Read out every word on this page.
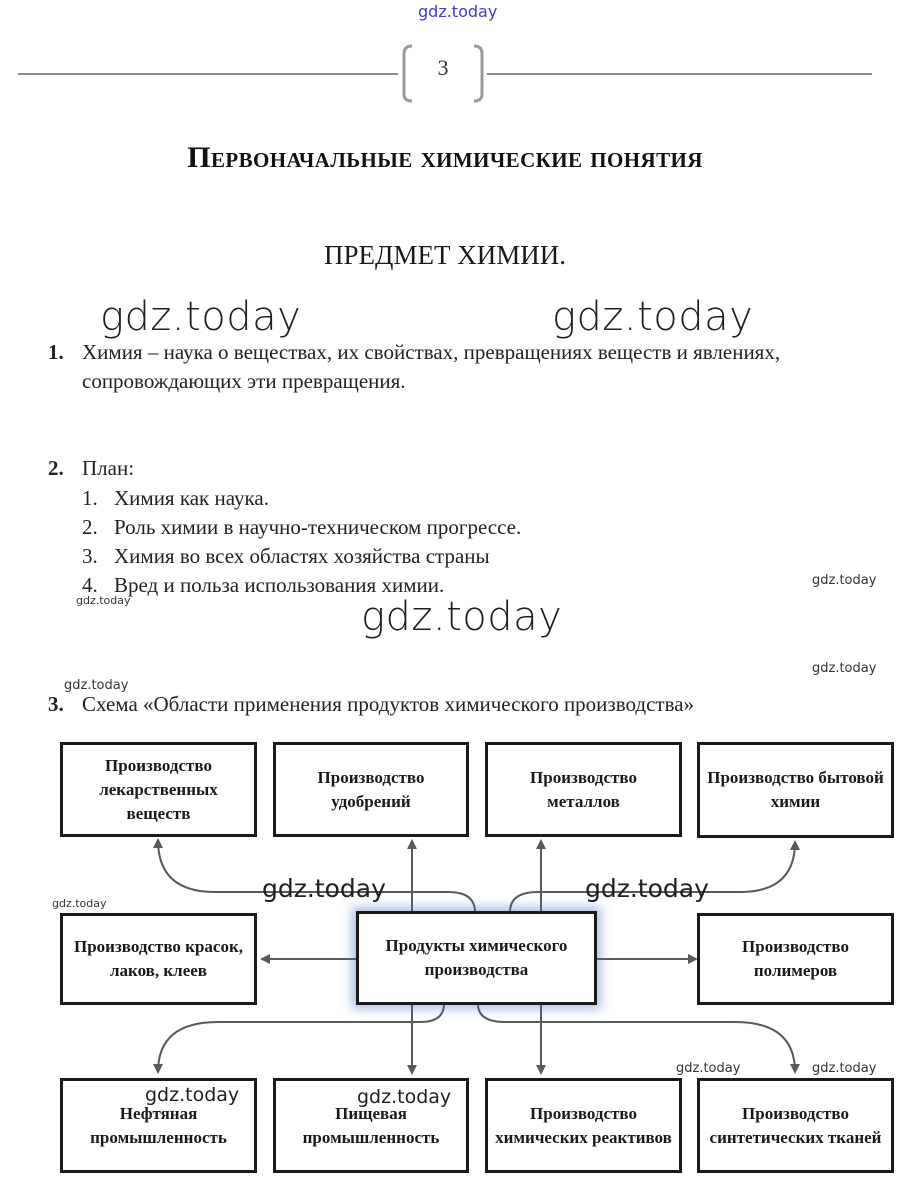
gdz.today
gdz.today	gdz.today
gdz.today
gdz.today
gdz.today
gdz.today
gdz.today
gdz.today
3
Первоначальные химические понятия
ПРЕДМЕТ ХИМИИ.
1. Химия – наука о веществах, их свойствах, превращениях веществ и явлениях,
сопровождающих эти превращения.
2. План:
1. Химия как наука.
2. Роль химии в научно-техническом прогрессе.
3. Химия во всех областях хозяйства страны
4. Вред и польза использования химии.
3. Схема «Области применения продуктов химического производства»
Производство лекарственных веществ
Производство удобрений
Производство металлов
Производство бытовой химии
Производство красок, лаков, клеев
Продукты химического производства
Производство полимеров
Нефтяная промышленность
Пищевая промышленность
Производство химических реактивов
Производство синтетических тканей
gdz.today	gdz.today
gdz.today	gdz.today
gdz.today	gdz.today
